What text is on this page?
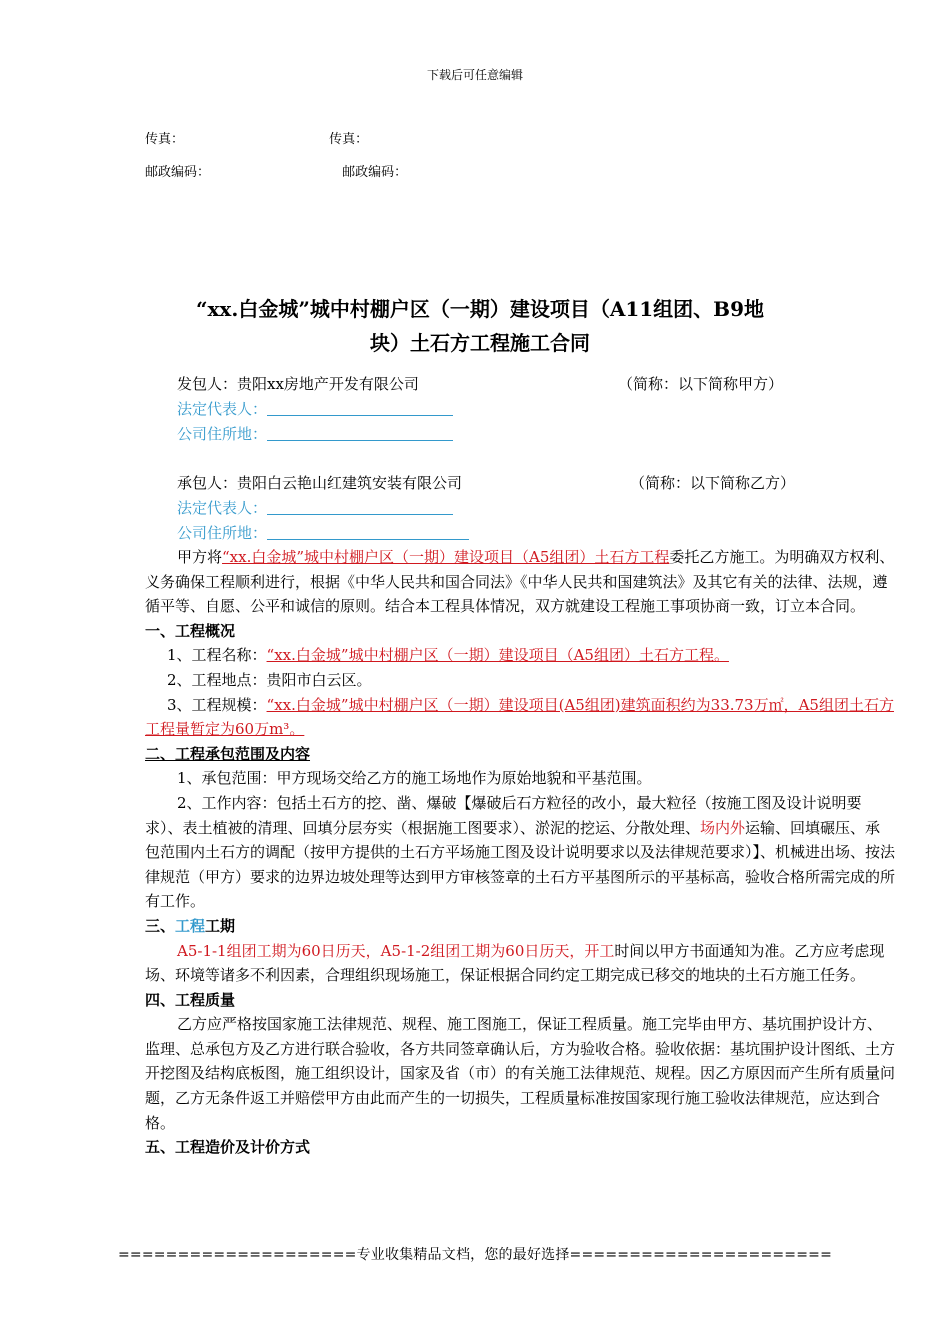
下载后可任意编辑
传真：	传真：
邮政编码：	邮政编码：
“xx.白金城”城中村棚户区（一期）建设项目（A11组团、B9地
块）土石方工程施工合同
发包人：贵阳xx房地产开发有限公司	（简称：以下简称甲方）
法定代表人：
公司住所地：
承包人：贵阳白云艳山红建筑安装有限公司	（简称：以下简称乙方）
法定代表人：
公司住所地：

甲方将“xx.白金城”城中村棚户区（一期）建设项目（A5组团）土石方工程委托乙方施工。为明确双方权利、义务确保工程顺利进行，根据《中华人民共和国合同法》《中华人民共和国建筑法》及其它有关的法律、法规，遵循平等、自愿、公平和诚信的原则。结合本工程具体情况，双方就建设工程施工事项协商一致，订立本合同。

一、工程概况

1、工程名称：“xx.白金城”城中村棚户区（一期）建设项目（A5组团）土石方工程。

2、工程地点：贵阳市白云区。

3、工程规模：“xx.白金城”城中村棚户区（一期）建设项目(A5组团)建筑面积约为33.73万㎡，A5组团土石方工程量暂定为60万m³。

二、工程承包范围及内容

1、承包范围：甲方现场交给乙方的施工场地作为原始地貌和平基范围。

2、工作内容：包括土石方的挖、凿、爆破【爆破后石方粒径的改小，最大粒径（按施工图及设计说明要求）、表土植被的清理、回填分层夯实（根据施工图要求）、淤泥的挖运、分散处理、场内外运输、回填碾压、承包范围内土石方的调配（按甲方提供的土石方平场施工图及设计说明要求以及法律规范要求）】、机械进出场、按法律规范（甲方）要求的边界边坡处理等达到甲方审核签章的土石方平基图所示的平基标高，验收合格所需完成的所有工作。

三、工程工期

A5-1-1组团工期为60日历天，A5-1-2组团工期为60日历天，开工时间以甲方书面通知为准。乙方应考虑现场、环境等诸多不利因素，合理组织现场施工，保证根据合同约定工期完成已移交的地块的土石方施工任务。

四、工程质量

乙方应严格按国家施工法律规范、规程、施工图施工，保证工程质量。施工完毕由甲方、基坑围护设计方、监理、总承包方及乙方进行联合验收，各方共同签章确认后，方为验收合格。验收依据：基坑围护设计图纸、土方开挖图及结构底板图，施工组织设计，国家及省（市）的有关施工法律规范、规程。因乙方原因而产生所有质量问题，乙方无条件返工并赔偿甲方由此而产生的一切损失，工程质量标准按国家现行施工验收法律规范，应达到合格。

五、工程造价及计价方式

====================专业收集精品文档，您的最好选择======================
